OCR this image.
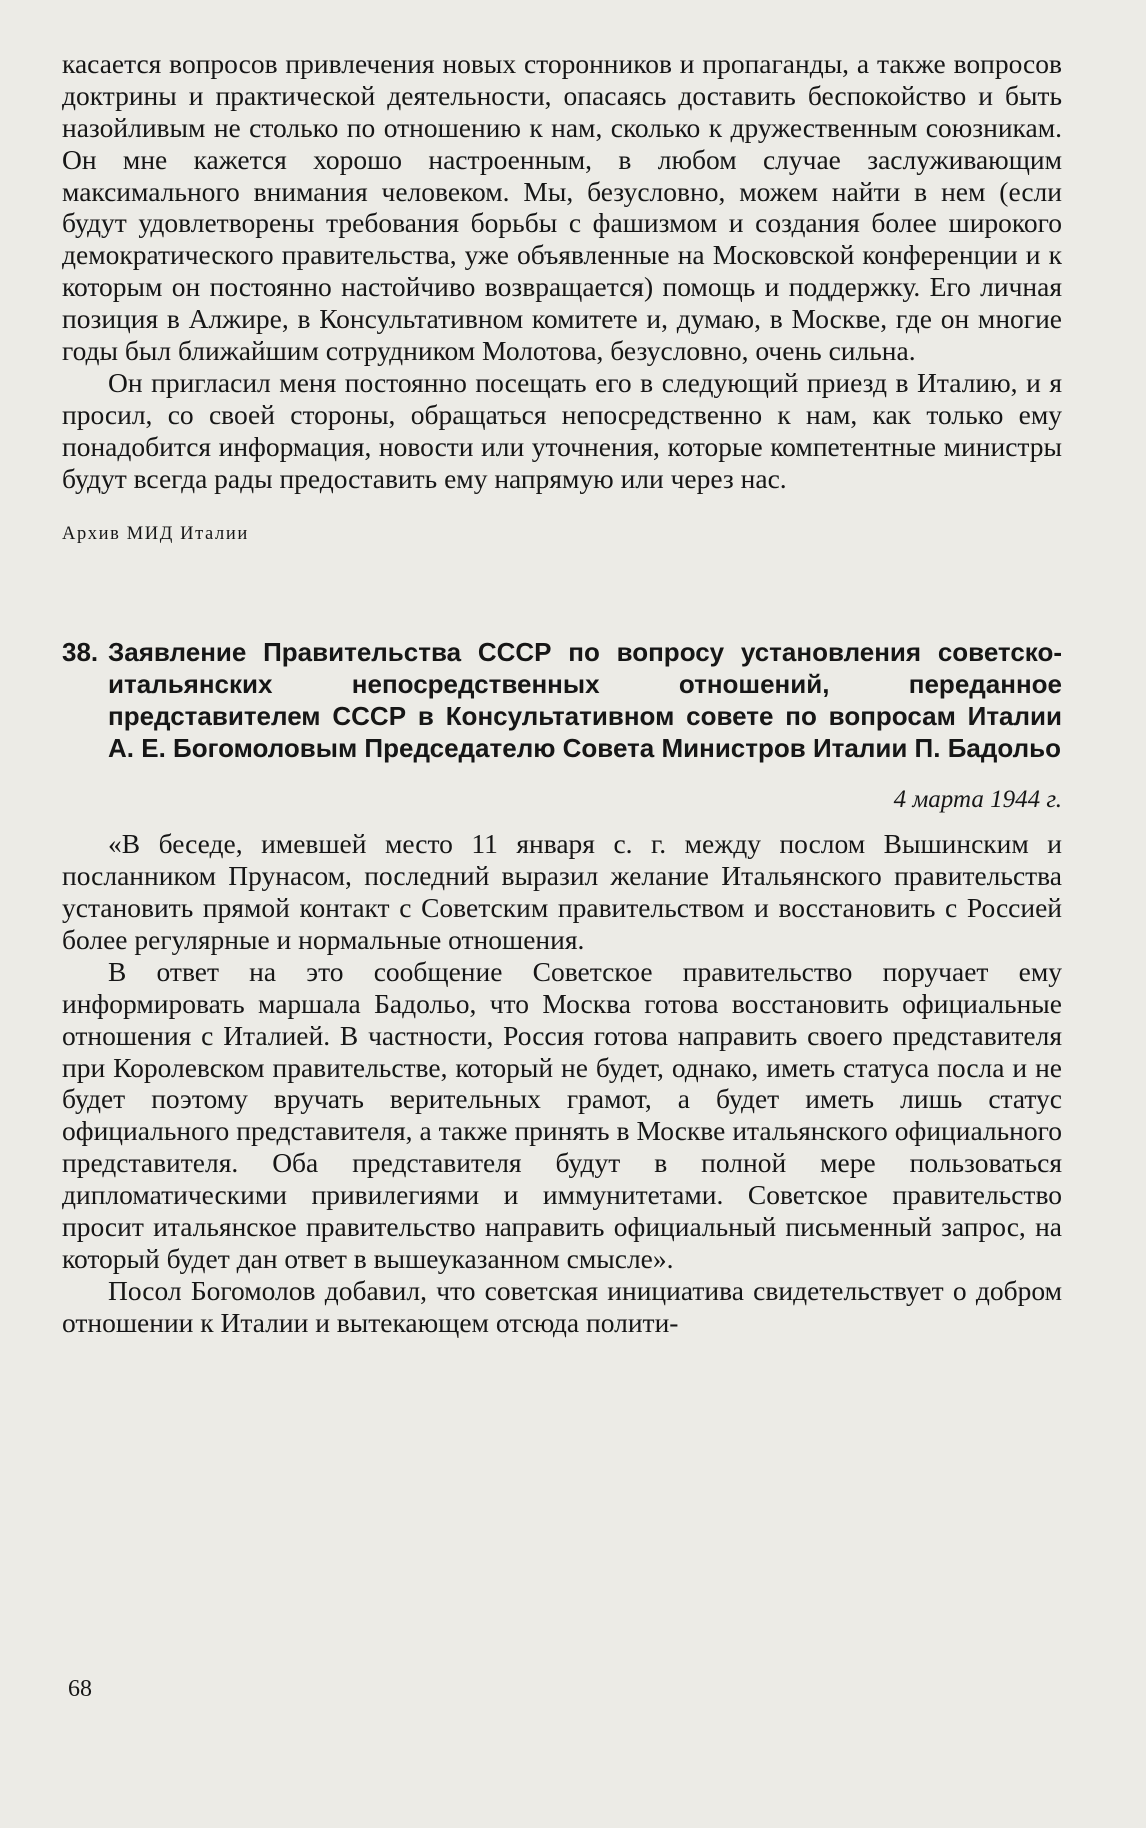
касается вопросов привлечения новых сторонников и пропаганды, а также вопросов доктрины и практической деятельности, опасаясь доставить беспокойство и быть назойливым не столько по отношению к нам, сколько к дружественным союзникам. Он мне кажется хорошо настроенным, в любом случае заслуживающим максимального внимания человеком. Мы, безусловно, можем найти в нем (если будут удовлетворены требования борьбы с фашизмом и создания более широкого демократического правительства, уже объявленные на Московской конференции и к которым он постоянно настойчиво возвращается) помощь и поддержку. Его личная позиция в Алжире, в Консультативном комитете и, думаю, в Москве, где он многие годы был ближайшим сотрудником Молотова, безусловно, очень сильна.

Он пригласил меня постоянно посещать его в следующий приезд в Италию, и я просил, со своей стороны, обращаться непосредственно к нам, как только ему понадобится информация, новости или уточнения, которые компетентные министры будут всегда рады предоставить ему напрямую или через нас.

Архив МИД Италии
38. Заявление Правительства СССР по вопросу установления советско-итальянских непосредственных отношений, переданное представителем СССР в Консультативном совете по вопросам Италии А. Е. Богомоловым Председателю Совета Министров Италии П. Бадольо
4 марта 1944 г.

«В беседе, имевшей место 11 января с. г. между послом Вышинским и посланником Прунасом, последний выразил желание Итальянского правительства установить прямой контакт с Советским правительством и восстановить с Россией более регулярные и нормальные отношения.

В ответ на это сообщение Советское правительство поручает ему информировать маршала Бадольо, что Москва готова восстановить официальные отношения с Италией. В частности, Россия готова направить своего представителя при Королевском правительстве, который не будет, однако, иметь статуса посла и не будет поэтому вручать верительных грамот, а будет иметь лишь статус официального представителя, а также принять в Москве итальянского официального представителя. Оба представителя будут в полной мере пользоваться дипломатическими привилегиями и иммунитетами. Советское правительство просит итальянское правительство направить официальный письменный запрос, на который будет дан ответ в вышеуказанном смысле».

Посол Богомолов добавил, что советская инициатива свидетельствует о добром отношении к Италии и вытекающем отсюда полити-

68
